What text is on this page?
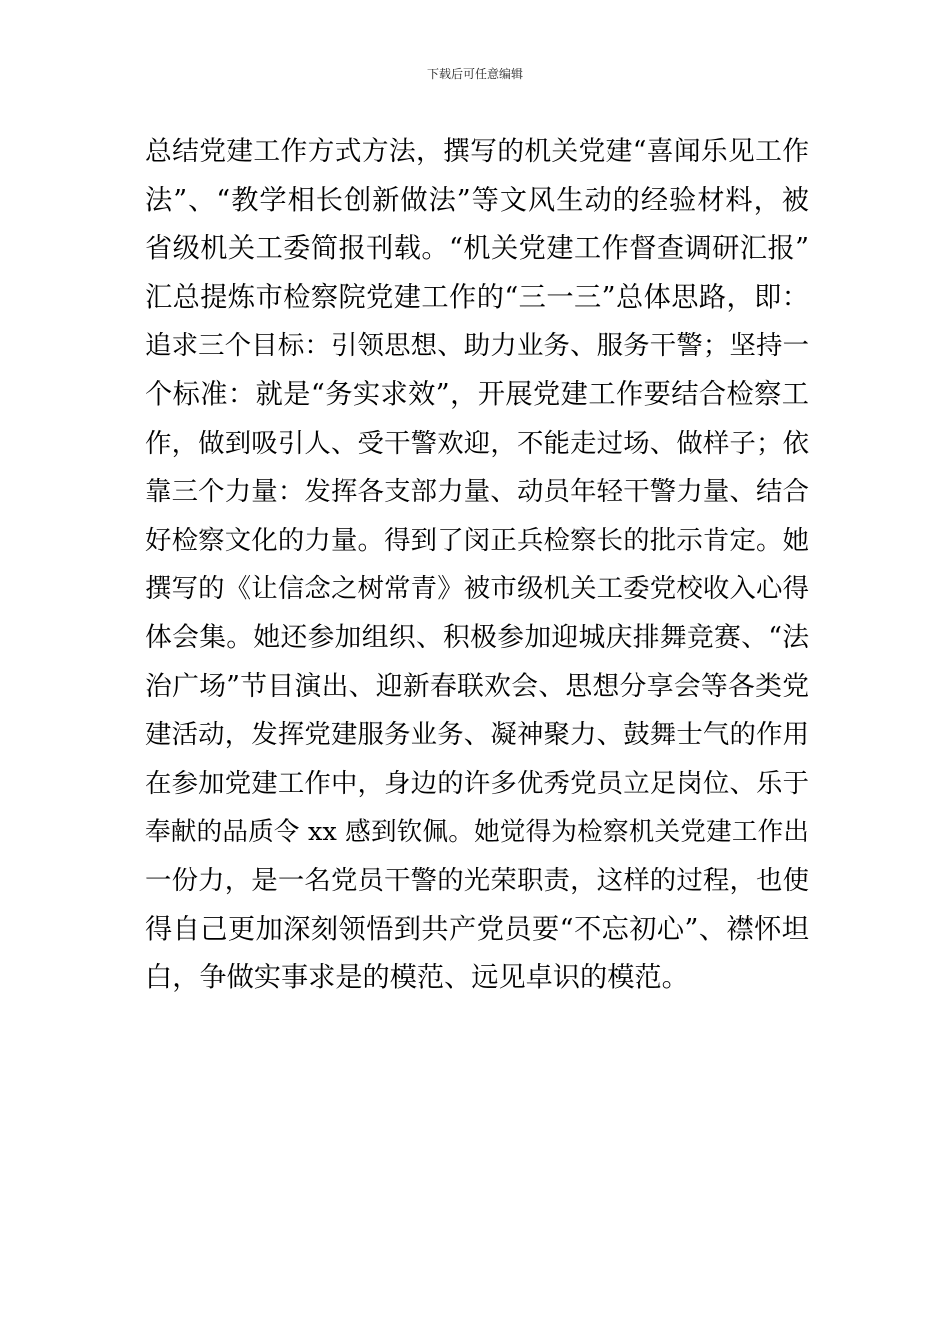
下载后可任意编辑
总结党建工作方式方法，撰写的机关党建“喜闻乐见工作
法”、“教学相长创新做法”等文风生动的经验材料，被
省级机关工委简报刊载。“机关党建工作督查调研汇报”
汇总提炼市检察院党建工作的“三一三”总体思路，即：
追求三个目标：引领思想、助力业务、服务干警；坚持一
个标准：就是“务实求效”，开展党建工作要结合检察工
作，做到吸引人、受干警欢迎，不能走过场、做样子；依
靠三个力量：发挥各支部力量、动员年轻干警力量、结合
好检察文化的力量。得到了闵正兵检察长的批示肯定。她
撰写的《让信念之树常青》被市级机关工委党校收入心得
体会集。她还参加组织、积极参加迎城庆排舞竞赛、“法
治广场”节目演出、迎新春联欢会、思想分享会等各类党
建活动，发挥党建服务业务、凝神聚力、鼓舞士气的作用
在参加党建工作中，身边的许多优秀党员立足岗位、乐于
奉献的品质令 xx 感到钦佩。她觉得为检察机关党建工作出
一份力，是一名党员干警的光荣职责，这样的过程，也使
得自己更加深刻领悟到共产党员要“不忘初心”、襟怀坦
白，争做实事求是的模范、远见卓识的模范。
